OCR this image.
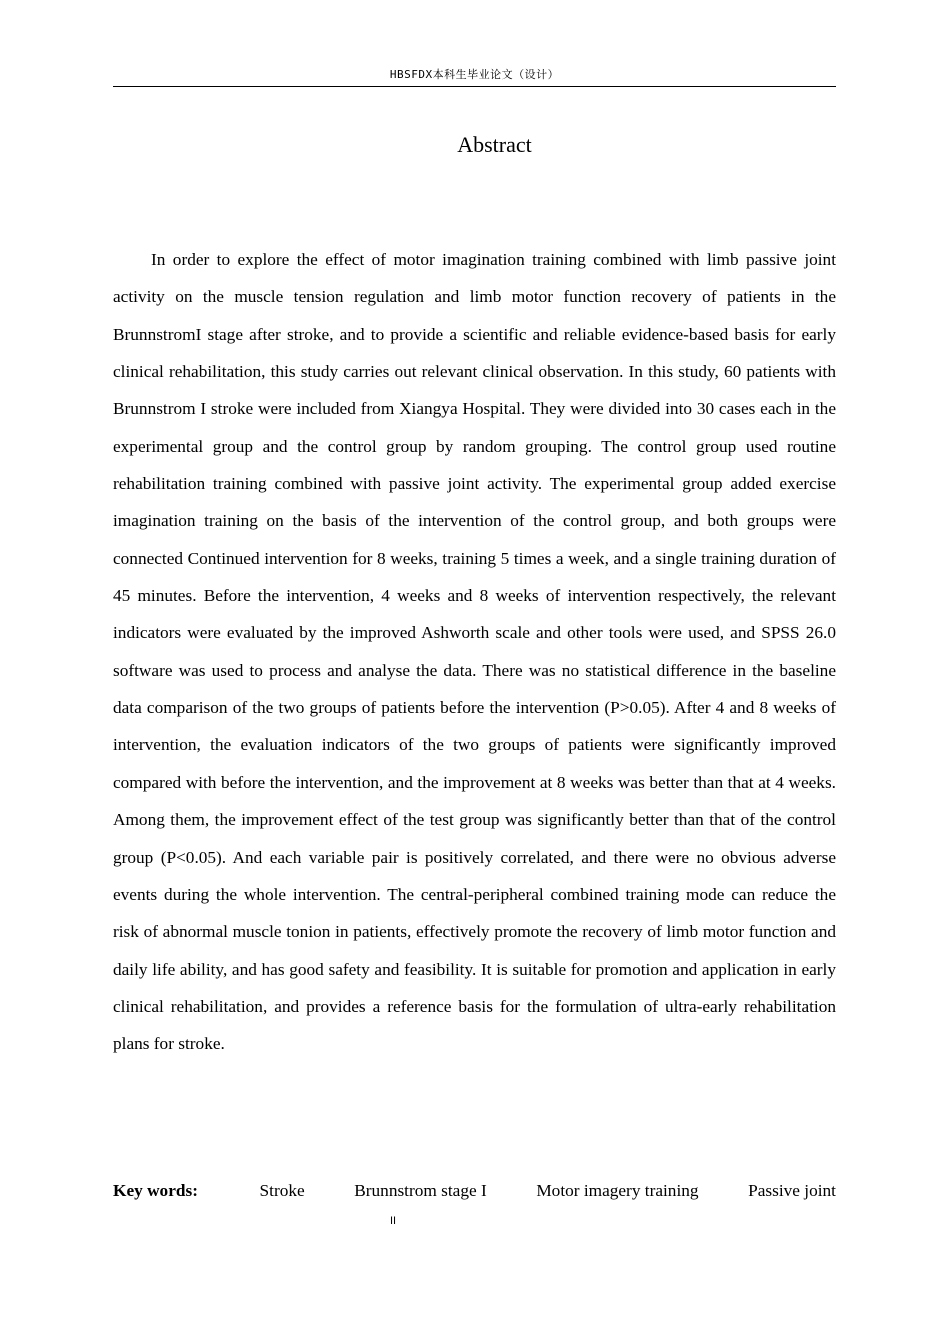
HBSFDX本科生毕业论文（设计）
Abstract

In order to explore the effect of motor imagination training combined with limb passive joint activity on the muscle tension regulation and limb motor function recovery of patients in the BrunnstromI stage after stroke, and to provide a scientific and reliable evidence-based basis for early clinical rehabilitation, this study carries out relevant clinical observation. In this study, 60 patients with Brunnstrom I stroke were included from Xiangya Hospital. They were divided into 30 cases each in the experimental group and the control group by random grouping. The control group used routine rehabilitation training combined with passive joint activity. The experimental group added exercise imagination training on the basis of the intervention of the control group, and both groups were connected Continued intervention for 8 weeks, training 5 times a week, and a single training duration of 45 minutes. Before the intervention, 4 weeks and 8 weeks of intervention respectively, the relevant indicators were evaluated by the improved Ashworth scale and other tools were used, and SPSS 26.0 software was used to process and analyse the data. There was no statistical difference in the baseline data comparison of the two groups of patients before the intervention (P>0.05). After 4 and 8 weeks of intervention, the evaluation indicators of the two groups of patients were significantly improved compared with before the intervention, and the improvement at 8 weeks was better than that at 4 weeks. Among them, the improvement effect of the test group was significantly better than that of the control group (P<0.05). And each variable pair is positively correlated, and there were no obvious adverse events during the whole intervention. The central-peripheral combined training mode can reduce the risk of abnormal muscle tonion in patients, effectively promote the recovery of limb motor function and daily life ability, and has good safety and feasibility. It is suitable for promotion and application in early clinical rehabilitation, and provides a reference basis for the formulation of ultra-early rehabilitation plans for stroke.

Key words:	Stroke	Brunnstrom stage I	Motor imagery training	Passive joint
II
